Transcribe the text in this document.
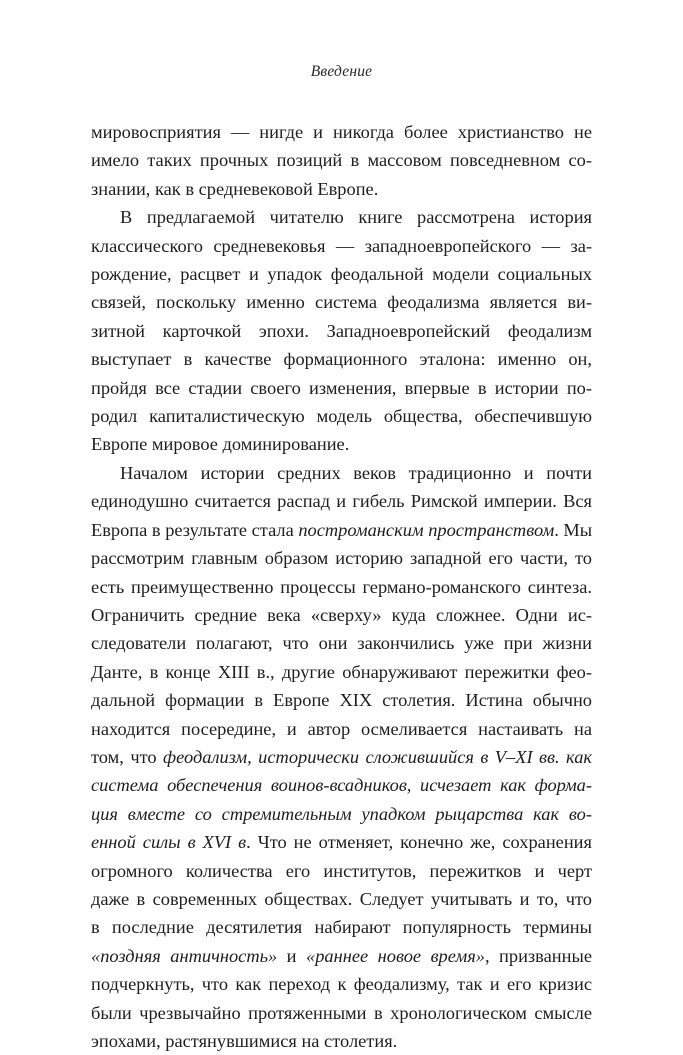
Введение
мировосприятия — нигде и никогда более христианство не
имело таких прочных позиций в массовом повседневном со-
знании, как в средневековой Европе.
В предлагаемой читателю книге рассмотрена история
классического средневековья — западноевропейского — за-
рождение, расцвет и упадок феодальной модели социальных
связей, поскольку именно система феодализма является ви-
зитной карточкой эпохи. Западноевропейский феодализм
выступает в качестве формационного эталона: именно он,
пройдя все стадии своего изменения, впервые в истории по-
родил капиталистическую модель общества, обеспечившую
Европе мировое доминирование.
Началом истории средних веков традиционно и почти
единодушно считается распад и гибель Римской империи. Вся
Европа в результате стала построманским пространством. Мы
рассмотрим главным образом историю западной его части, то
есть преимущественно процессы германо-романского синтеза.
Ограничить средние века «сверху» куда сложнее. Одни ис-
следователи полагают, что они закончились уже при жизни
Данте, в конце XIII в., другие обнаруживают пережитки фео-
дальной формации в Европе XIX столетия. Истина обычно
находится посередине, и автор осмеливается настаивать на
том, что феодализм, исторически сложившийся в V–XI вв. как
система обеспечения воинов-всадников, исчезает как форма-
ция вместе со стремительным упадком рыцарства как во-
енной силы в XVI в. Что не отменяет, конечно же, сохранения
огромного количества его институтов, пережитков и черт
даже в современных обществах. Следует учитывать и то, что
в последние десятилетия набирают популярность термины
«поздняя античность» и «раннее новое время», призванные
подчеркнуть, что как переход к феодализму, так и его кризис
были чрезвычайно протяженными в хронологическом смысле
эпохами, растянувшимися на столетия.
